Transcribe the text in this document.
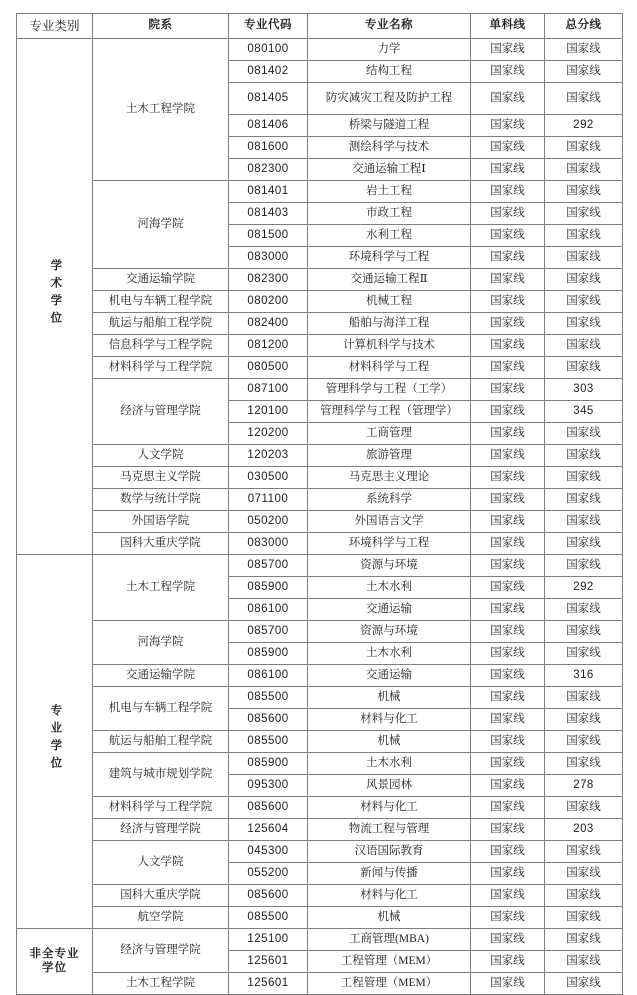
专业类别	院系	专业代码	专业名称	单科线	总分线
学术学位	土木工程学院	080100	力学	国家线	国家线
		081402	结构工程	国家线	国家线
		081405	防灾减灾工程及防护工程	国家线	国家线
		081406	桥梁与隧道工程	国家线	292
		081600	测绘科学与技术	国家线	国家线
		082300	交通运输工程Ⅰ	国家线	国家线
	河海学院	081401	岩土工程	国家线	国家线
		081403	市政工程	国家线	国家线
		081500	水利工程	国家线	国家线
		083000	环境科学与工程	国家线	国家线
	交通运输学院	082300	交通运输工程Ⅱ	国家线	国家线
	机电与车辆工程学院	080200	机械工程	国家线	国家线
	航运与船舶工程学院	082400	船舶与海洋工程	国家线	国家线
	信息科学与工程学院	081200	计算机科学与技术	国家线	国家线
	材料科学与工程学院	080500	材料科学与工程	国家线	国家线
	经济与管理学院	087100	管理科学与工程（工学）	国家线	303
		120100	管理科学与工程（管理学）	国家线	345
		120200	工商管理	国家线	国家线
	人文学院	120203	旅游管理	国家线	国家线
	马克思主义学院	030500	马克思主义理论	国家线	国家线
	数学与统计学院	071100	系统科学	国家线	国家线
	外国语学院	050200	外国语言文学	国家线	国家线
	国科大重庆学院	083000	环境科学与工程	国家线	国家线
专业学位	土木工程学院	085700	资源与环境	国家线	国家线
		085900	土木水利	国家线	292
		086100	交通运输	国家线	国家线
	河海学院	085700	资源与环境	国家线	国家线
		085900	土木水利	国家线	国家线
	交通运输学院	086100	交通运输	国家线	316
	机电与车辆工程学院	085500	机械	国家线	国家线
		085600	材料与化工	国家线	国家线
	航运与船舶工程学院	085500	机械	国家线	国家线
	建筑与城市规划学院	085900	土木水利	国家线	国家线
		095300	风景园林	国家线	278
	材料科学与工程学院	085600	材料与化工	国家线	国家线
	经济与管理学院	125604	物流工程与管理	国家线	203
	人文学院	045300	汉语国际教育	国家线	国家线
		055200	新闻与传播	国家线	国家线
	国科大重庆学院	085600	材料与化工	国家线	国家线
	航空学院	085500	机械	国家线	国家线
非全专业学位	经济与管理学院	125100	工商管理(MBA)	国家线	国家线
		125601	工程管理（MEM）	国家线	国家线
	土木工程学院	125601	工程管理（MEM）	国家线	国家线
